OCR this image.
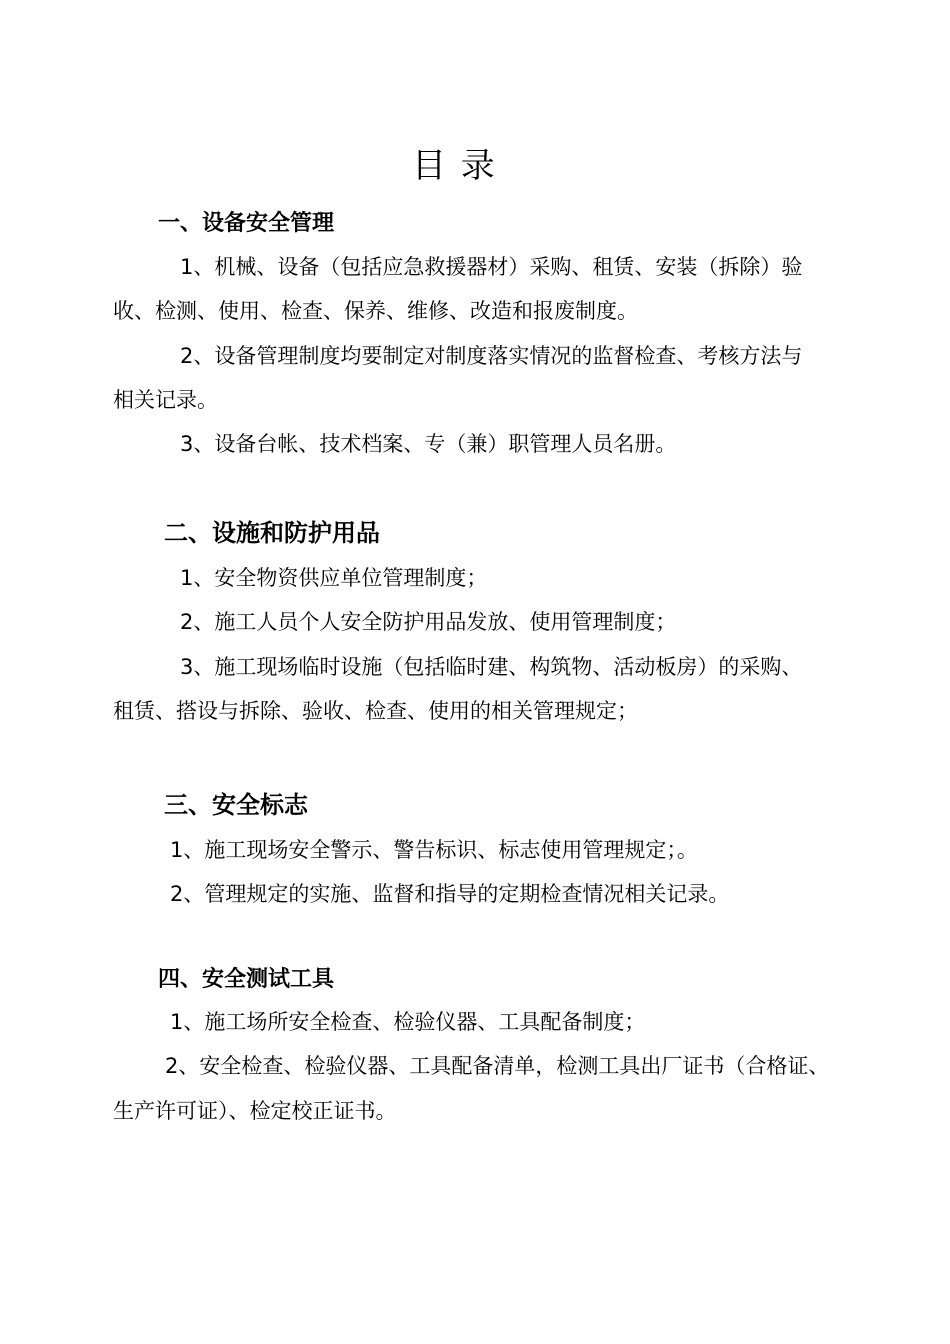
目 录
一、设备安全管理
1、机械、设备（包括应急救援器材）采购、租赁、安装（拆除）验
收、检测、使用、检查、保养、维修、改造和报废制度。
2、设备管理制度均要制定对制度落实情况的监督检查、考核方法与
相关记录。
3、设备台帐、技术档案、专（兼）职管理人员名册。
二、设施和防护用品
1、安全物资供应单位管理制度；
2、施工人员个人安全防护用品发放、使用管理制度；
3、施工现场临时设施（包括临时建、构筑物、活动板房）的采购、
租赁、搭设与拆除、验收、检查、使用的相关管理规定；
三、安全标志
1、施工现场安全警示、警告标识、标志使用管理规定；。
2、管理规定的实施、监督和指导的定期检查情况相关记录。
四、安全测试工具
1、施工场所安全检查、检验仪器、工具配备制度；
2、安全检查、检验仪器、工具配备清单，检测工具出厂证书（合格证、
生产许可证）、检定校正证书。
